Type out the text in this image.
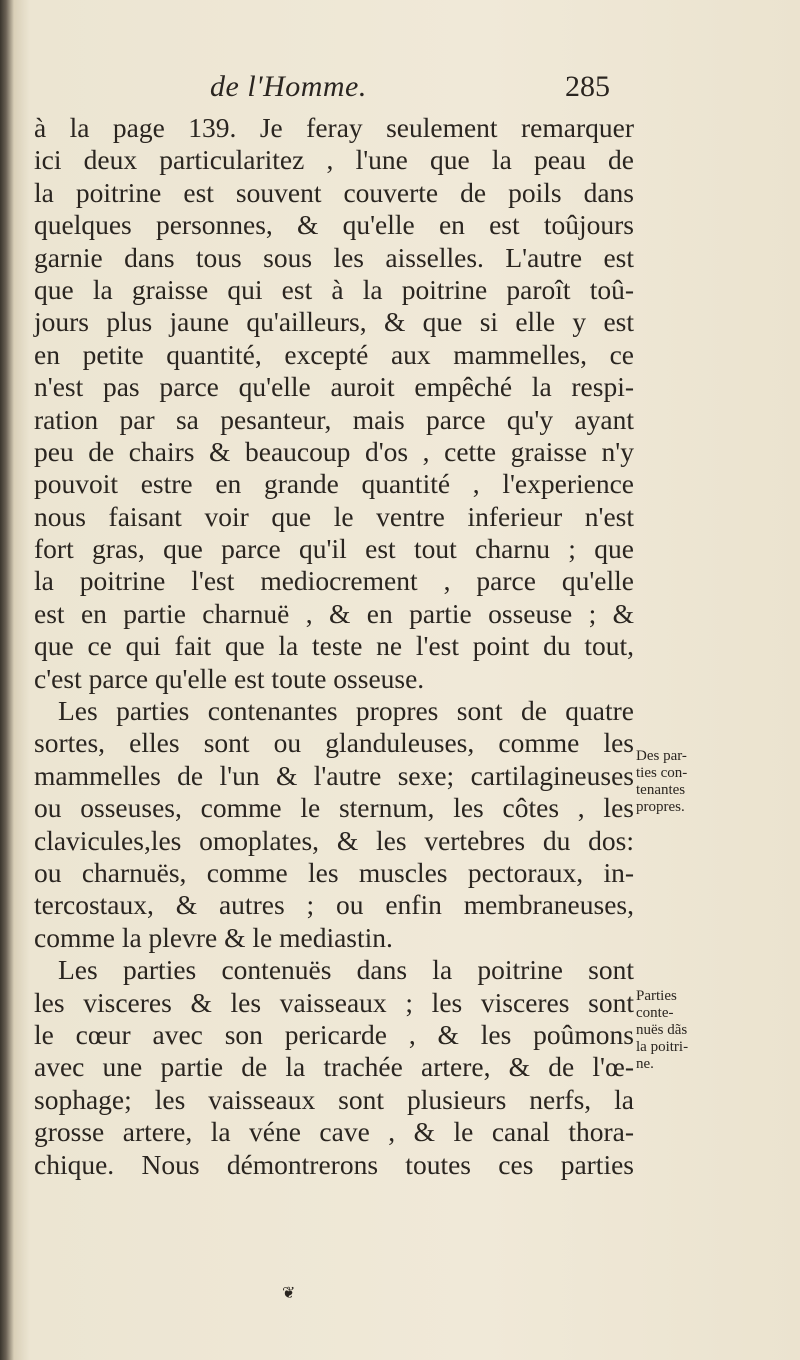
de l'Homme.	285
à la page 139. Je feray seulement remarquer
ici deux particularitez , l'une que la peau de
la poitrine est souvent couverte de poils dans
quelques personnes, & qu'elle en est toûjours
garnie dans tous sous les aisselles. L'autre est
que la graisse qui est à la poitrine paroît toû-
jours plus jaune qu'ailleurs, & que si elle y est
en petite quantité, excepté aux mammelles, ce
n'est pas parce qu'elle auroit empêché la respi-
ration par sa pesanteur, mais parce qu'y ayant
peu de chairs & beaucoup d'os , cette graisse n'y
pouvoit estre en grande quantité , l'experience
nous faisant voir que le ventre inferieur n'est
fort gras, que parce qu'il est tout charnu ; que
la poitrine l'est mediocrement , parce qu'elle
est en partie charnuë , & en partie osseuse ; &
que ce qui fait que la teste ne l'est point du tout,
c'est parce qu'elle est toute osseuse.
Les parties contenantes propres sont de quatre
sortes, elles sont ou glanduleuses, comme les
mammelles de l'un & l'autre sexe; cartilagineuses
ou osseuses, comme le sternum, les côtes , les
clavicules,les omoplates, & les vertebres du dos:
ou charnuës, comme les muscles pectoraux, in-
tercostaux, & autres ; ou enfin membraneuses,
comme la plevre & le mediastin.
Les parties contenuës dans la poitrine sont
les visceres & les vaisseaux ; les visceres sont
le cœur avec son pericarde , & les poûmons
avec une partie de la trachée artere, & de l'œ-
sophage; les vaisseaux sont plusieurs nerfs, la
grosse artere, la véne cave , & le canal thora-
chique. Nous démontrerons toutes ces parties
Des par-
ties con-
tenantes
propres.
Parties
conte-
nuës dãs
la poitri-
ne.
❦
